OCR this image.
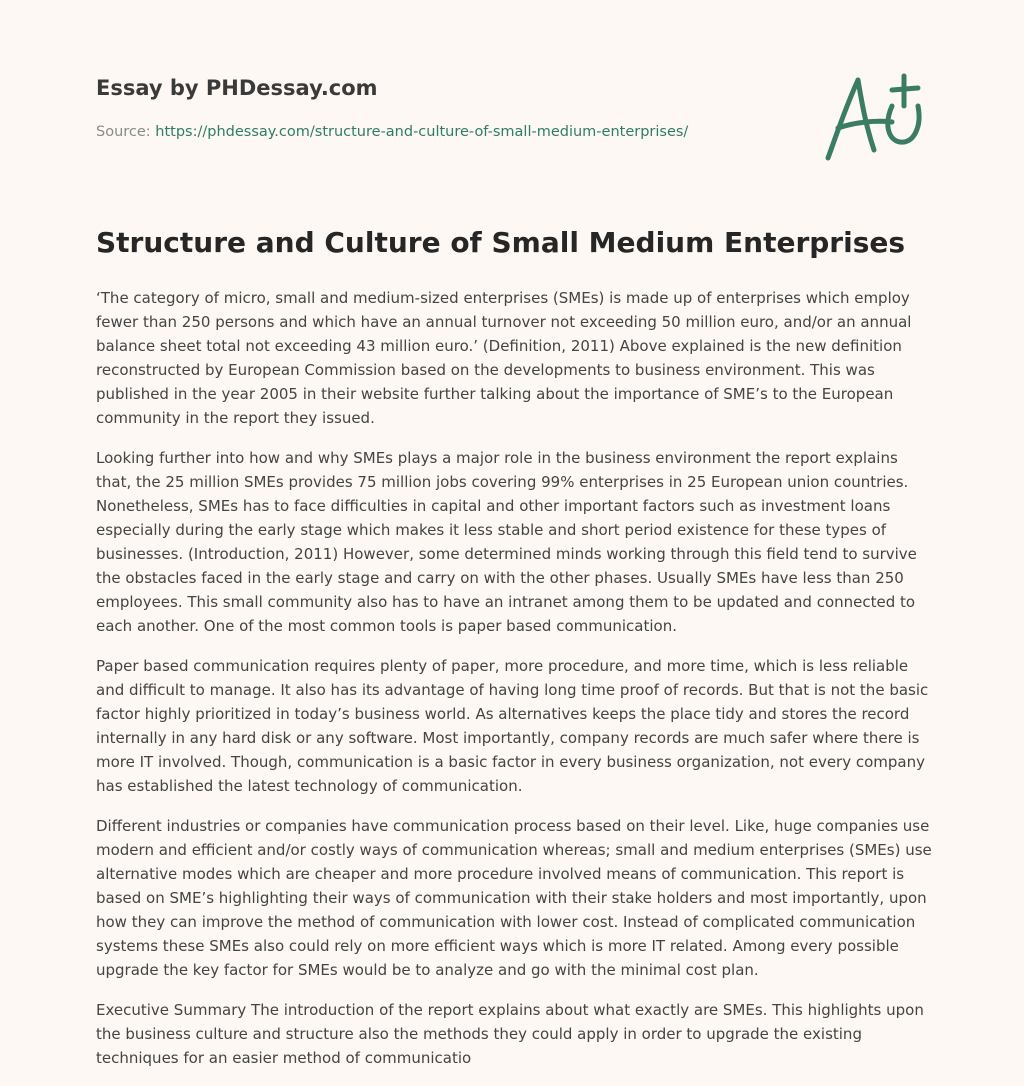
Essay by PHDessay.com
Source: https://phdessay.com/structure-and-culture-of-small-medium-enterprises/
Structure and Culture of Small Medium Enterprises

‘The category of micro, small and medium-sized enterprises (SMEs) is made up of enterprises which employ fewer than 250 persons and which have an annual turnover not exceeding 50 million euro, and/or an annual balance sheet total not exceeding 43 million euro.’ (Definition, 2011) Above explained is the new definition reconstructed by European Commission based on the developments to business environment. This was published in the year 2005 in their website further talking about the importance of SME’s to the European community in the report they issued.

Looking further into how and why SMEs plays a major role in the business environment the report explains that, the 25 million SMEs provides 75 million jobs covering 99% enterprises in 25 European union countries. Nonetheless, SMEs has to face difficulties in capital and other important factors such as investment loans especially during the early stage which makes it less stable and short period existence for these types of businesses. (Introduction, 2011) However, some determined minds working through this field tend to survive the obstacles faced in the early stage and carry on with the other phases. Usually SMEs have less than 250 employees. This small community also has to have an intranet among them to be updated and connected to each another. One of the most common tools is paper based communication.

Paper based communication requires plenty of paper, more procedure, and more time, which is less reliable and difficult to manage. It also has its advantage of having long time proof of records. But that is not the basic factor highly prioritized in today’s business world. As alternatives keeps the place tidy and stores the record internally in any hard disk or any software. Most importantly, company records are much safer where there is more IT involved. Though, communication is a basic factor in every business organization, not every company has established the latest technology of communication.

Different industries or companies have communication process based on their level. Like, huge companies use modern and efficient and/or costly ways of communication whereas; small and medium enterprises (SMEs) use alternative modes which are cheaper and more procedure involved means of communication. This report is based on SME’s highlighting their ways of communication with their stake holders and most importantly, upon how they can improve the method of communication with lower cost. Instead of complicated communication systems these SMEs also could rely on more efficient ways which is more IT related. Among every possible upgrade the key factor for SMEs would be to analyze and go with the minimal cost plan.

Executive Summary The introduction of the report explains about what exactly are SMEs. This highlights upon the business culture and structure also the methods they could apply in order to upgrade the existing techniques for an easier method of communicatio
